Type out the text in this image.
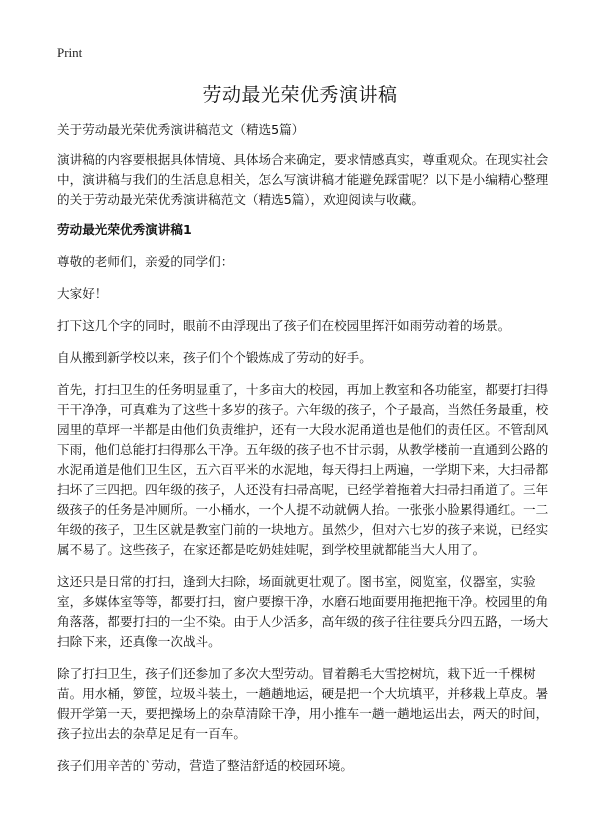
Print
劳动最光荣优秀演讲稿

关于劳动最光荣优秀演讲稿范文（精选5篇）

演讲稿的内容要根据具体情境、具体场合来确定，要求情感真实，尊重观众。在现实社会中，演讲稿与我们的生活息息相关，怎么写演讲稿才能避免踩雷呢？以下是小编精心整理的关于劳动最光荣优秀演讲稿范文（精选5篇），欢迎阅读与收藏。

劳动最光荣优秀演讲稿1

尊敬的老师们，亲爱的同学们：

大家好！

打下这几个字的同时，眼前不由浮现出了孩子们在校园里挥汗如雨劳动着的场景。

自从搬到新学校以来，孩子们个个锻炼成了劳动的好手。

首先，打扫卫生的任务明显重了，十多亩大的校园，再加上教室和各功能室，都要打扫得干干净净，可真难为了这些十多岁的孩子。六年级的孩子，个子最高，当然任务最重，校园里的草坪一半都是由他们负责维护，还有一大段水泥甬道也是他们的责任区。不管刮风下雨，他们总能打扫得那么干净。五年级的孩子也不甘示弱，从教学楼前一直通到公路的水泥甬道是他们卫生区，五六百平米的水泥地，每天得扫上两遍，一学期下来，大扫帚都扫坏了三四把。四年级的孩子，人还没有扫帚高呢，已经学着拖着大扫帚扫甬道了。三年级孩子的任务是冲厕所。一小桶水，一个人提不动就俩人抬。一张张小脸累得通红。一二年级的孩子，卫生区就是教室门前的一块地方。虽然少，但对六七岁的孩子来说，已经实属不易了。这些孩子，在家还都是吃奶娃娃呢，到学校里就都能当大人用了。

这还只是日常的打扫，逢到大扫除，场面就更壮观了。图书室，阅览室，仪器室，实验室，多媒体室等等，都要打扫，窗户要擦干净，水磨石地面要用拖把拖干净。校园里的角角落落，都要打扫的一尘不染。由于人少活多，高年级的孩子往往要兵分四五路，一场大扫除下来，还真像一次战斗。

除了打扫卫生，孩子们还参加了多次大型劳动。冒着鹅毛大雪挖树坑，栽下近一千棵树苗。用水桶，箩筐，垃圾斗装土，一趟趟地运，硬是把一个大坑填平，并移栽上草皮。暑假开学第一天，要把操场上的杂草清除干净，用小推车一趟一趟地运出去，两天的时间，孩子拉出去的杂草足足有一百车。

孩子们用辛苦的`劳动，营造了整洁舒适的校园环境。
